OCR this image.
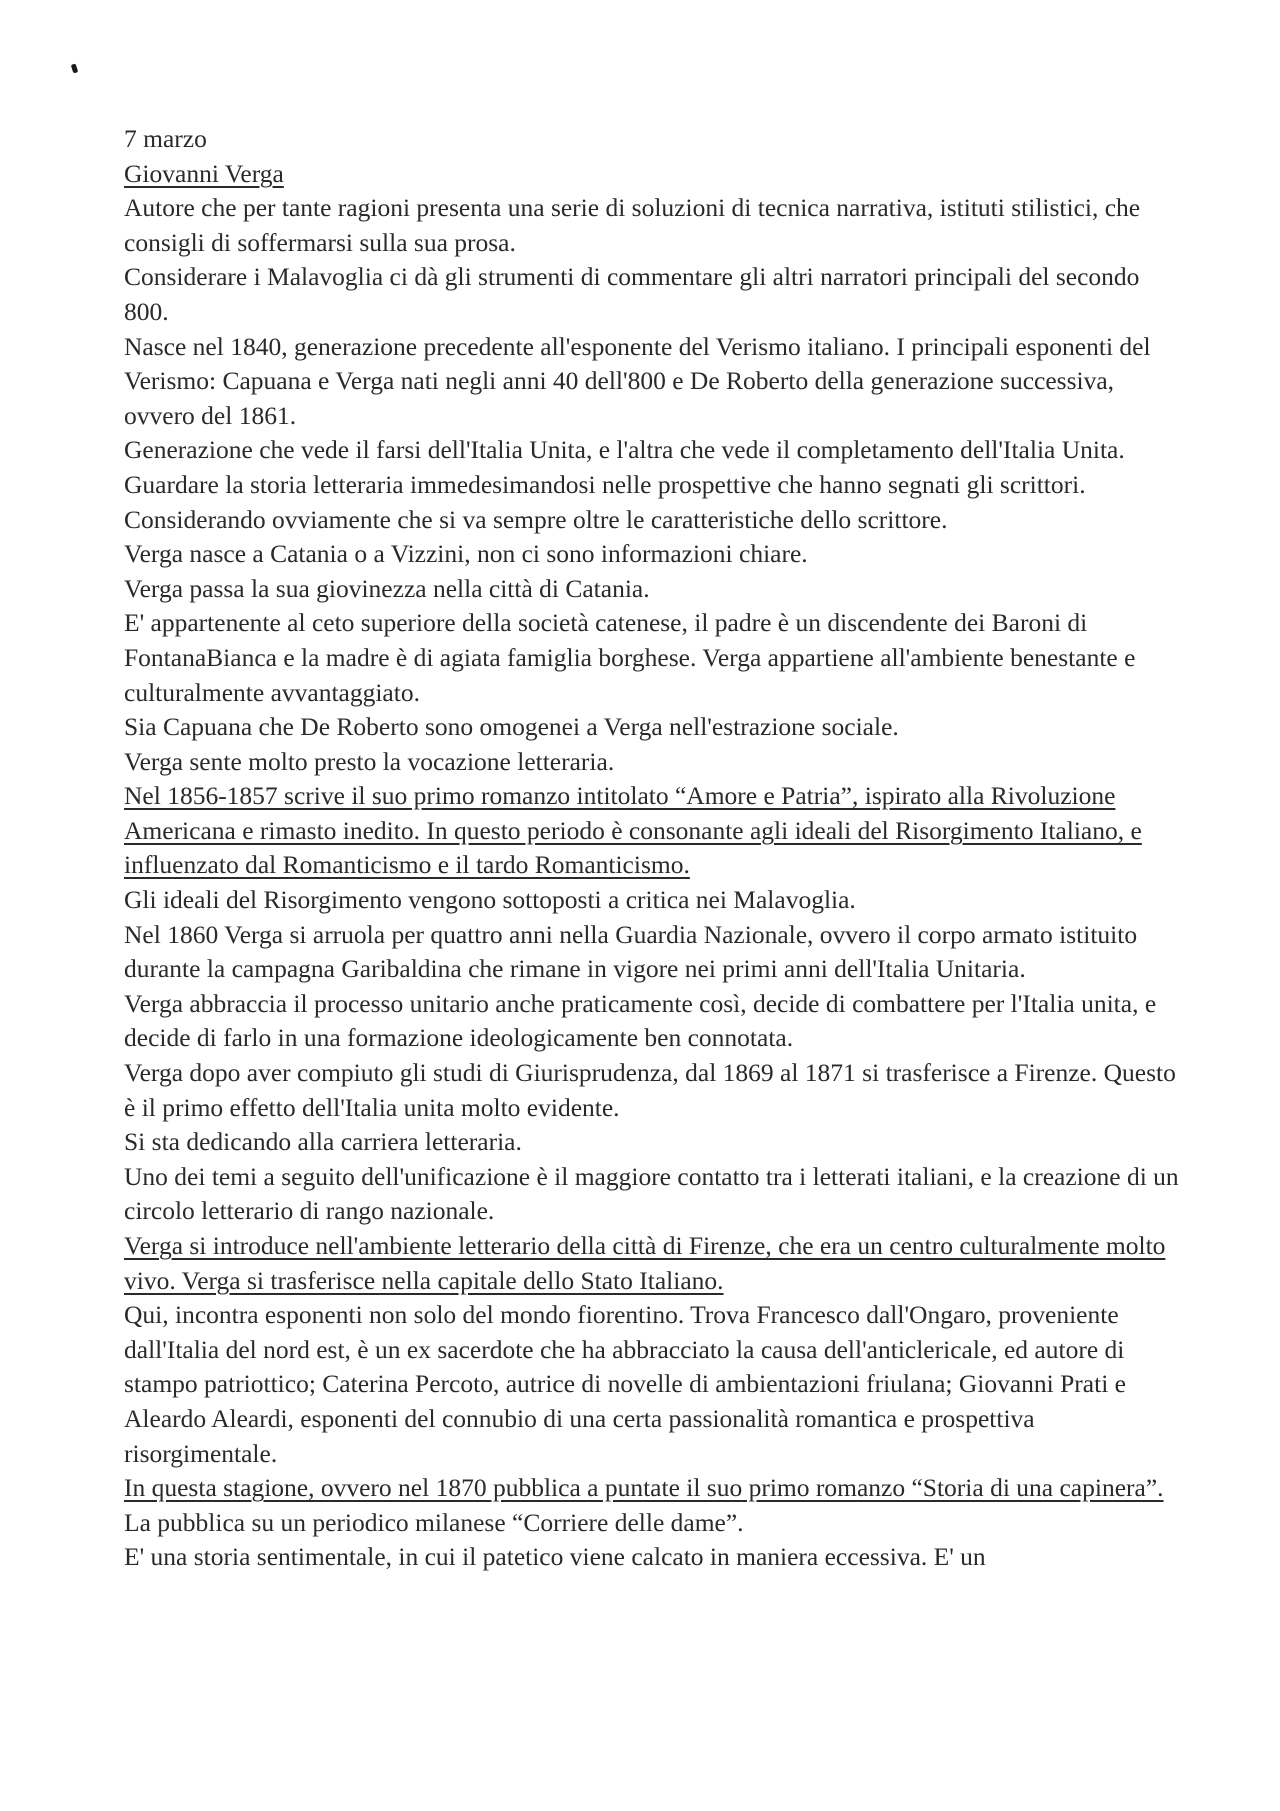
7 marzo

Giovanni Verga

Autore che per tante ragioni presenta una serie di soluzioni di tecnica narrativa, istituti stilistici, che consigli di soffermarsi sulla sua prosa.

Considerare i Malavoglia ci dà gli strumenti di commentare gli altri narratori principali del secondo 800.

Nasce nel 1840, generazione precedente all'esponente del Verismo italiano. I principali esponenti del Verismo: Capuana e Verga nati negli anni 40 dell'800 e De Roberto della generazione successiva, ovvero del 1861.

Generazione che vede il farsi dell'Italia Unita, e l'altra che vede il completamento dell'Italia Unita.

Guardare la storia letteraria immedesimandosi nelle prospettive che hanno segnati gli scrittori. Considerando ovviamente che si va sempre oltre le caratteristiche dello scrittore.

Verga nasce a Catania o a Vizzini, non ci sono informazioni chiare.

Verga passa la sua giovinezza nella città di Catania.

E' appartenente al ceto superiore della società catenese, il padre è un discendente dei Baroni di FontanaBianca e la madre è di agiata famiglia borghese. Verga appartiene all'ambiente benestante e culturalmente avvantaggiato.

Sia Capuana che De Roberto sono omogenei a Verga nell'estrazione sociale.

Verga sente molto presto la vocazione letteraria.

Nel 1856-1857 scrive il suo primo romanzo intitolato “Amore e Patria”, ispirato alla Rivoluzione Americana e rimasto inedito. In questo periodo è consonante agli ideali del Risorgimento Italiano, e influenzato dal Romanticismo e il tardo Romanticismo.

Gli ideali del Risorgimento vengono sottoposti a critica nei Malavoglia.

Nel 1860 Verga si arruola per quattro anni nella Guardia Nazionale, ovvero il corpo armato istituito durante la campagna Garibaldina che rimane in vigore nei primi anni dell'Italia Unitaria.

Verga abbraccia il processo unitario anche praticamente così, decide di combattere per l'Italia unita, e decide di farlo in una formazione ideologicamente ben connotata.

Verga dopo aver compiuto gli studi di Giurisprudenza, dal 1869 al 1871 si trasferisce a Firenze. Questo è il primo effetto dell'Italia unita molto evidente.

Si sta dedicando alla carriera letteraria.

Uno dei temi a seguito dell'unificazione è il maggiore contatto tra i letterati italiani, e la creazione di un circolo letterario di rango nazionale.

Verga si introduce nell'ambiente letterario della città di Firenze, che era un centro culturalmente molto vivo. Verga si trasferisce nella capitale dello Stato Italiano.

Qui, incontra esponenti non solo del mondo fiorentino. Trova Francesco dall'Ongaro, proveniente dall'Italia del nord est, è un ex sacerdote che ha abbracciato la causa dell'anticlericale, ed autore di stampo patriottico; Caterina Percoto, autrice di novelle di ambientazioni friulana; Giovanni Prati e Aleardo Aleardi, esponenti del connubio di una certa passionalità romantica e prospettiva risorgimentale.

In questa stagione, ovvero nel 1870 pubblica a puntate il suo primo romanzo “Storia di una capinera”. La pubblica su un periodico milanese “Corriere delle dame”.

E' una storia sentimentale, in cui il patetico viene calcato in maniera eccessiva. E' un
